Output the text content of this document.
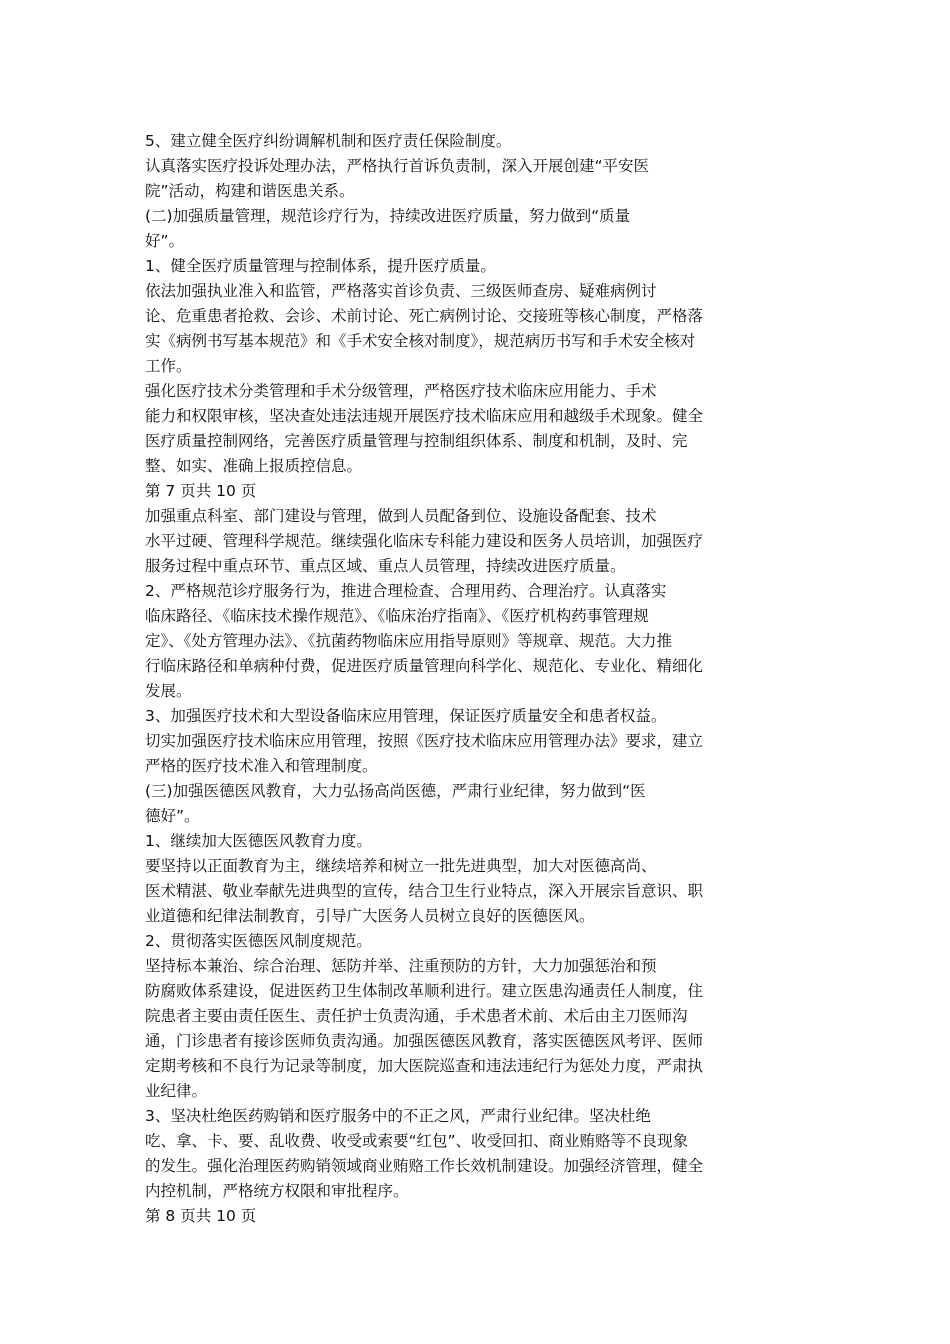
5、建立健全医疗纠纷调解机制和医疗责任保险制度。
认真落实医疗投诉处理办法，严格执行首诉负责制，深入开展创建“平安医
院”活动，构建和谐医患关系。
(二)加强质量管理，规范诊疗行为，持续改进医疗质量，努力做到“质量
好”。
1、健全医疗质量管理与控制体系，提升医疗质量。
依法加强执业准入和监管，严格落实首诊负责、三级医师查房、疑难病例讨
论、危重患者抢救、会诊、术前讨论、死亡病例讨论、交接班等核心制度，严格落
实《病例书写基本规范》和《手术安全核对制度》，规范病历书写和手术安全核对
工作。
强化医疗技术分类管理和手术分级管理，严格医疗技术临床应用能力、手术
能力和权限审核，坚决查处违法违规开展医疗技术临床应用和越级手术现象。健全
医疗质量控制网络，完善医疗质量管理与控制组织体系、制度和机制，及时、完
整、如实、准确上报质控信息。
第 7 页共 10 页
加强重点科室、部门建设与管理，做到人员配备到位、设施设备配套、技术
水平过硬、管理科学规范。继续强化临床专科能力建设和医务人员培训，加强医疗
服务过程中重点环节、重点区域、重点人员管理，持续改进医疗质量。
2、严格规范诊疗服务行为，推进合理检查、合理用药、合理治疗。认真落实
临床路径、《临床技术操作规范》、《临床治疗指南》、《医疗机构药事管理规
定》、《处方管理办法》、《抗菌药物临床应用指导原则》等规章、规范。大力推
行临床路径和单病种付费，促进医疗质量管理向科学化、规范化、专业化、精细化
发展。
3、加强医疗技术和大型设备临床应用管理，保证医疗质量安全和患者权益。
切实加强医疗技术临床应用管理，按照《医疗技术临床应用管理办法》要求，建立
严格的医疗技术准入和管理制度。
(三)加强医德医风教育，大力弘扬高尚医德，严肃行业纪律，努力做到“医
德好”。
1、继续加大医德医风教育力度。
要坚持以正面教育为主，继续培养和树立一批先进典型，加大对医德高尚、
医术精湛、敬业奉献先进典型的宣传，结合卫生行业特点，深入开展宗旨意识、职
业道德和纪律法制教育，引导广大医务人员树立良好的医德医风。
2、贯彻落实医德医风制度规范。
坚持标本兼治、综合治理、惩防并举、注重预防的方针，大力加强惩治和预
防腐败体系建设，促进医药卫生体制改革顺利进行。建立医患沟通责任人制度，住
院患者主要由责任医生、责任护士负责沟通，手术患者术前、术后由主刀医师沟
通，门诊患者有接诊医师负责沟通。加强医德医风教育，落实医德医风考评、医师
定期考核和不良行为记录等制度，加大医院巡查和违法违纪行为惩处力度，严肃执
业纪律。
3、坚决杜绝医药购销和医疗服务中的不正之风，严肃行业纪律。坚决杜绝
吃、拿、卡、要、乱收费、收受或索要“红包”、收受回扣、商业贿赂等不良现象
的发生。强化治理医药购销领域商业贿赂工作长效机制建设。加强经济管理，健全
内控机制，严格统方权限和审批程序。
第 8 页共 10 页
